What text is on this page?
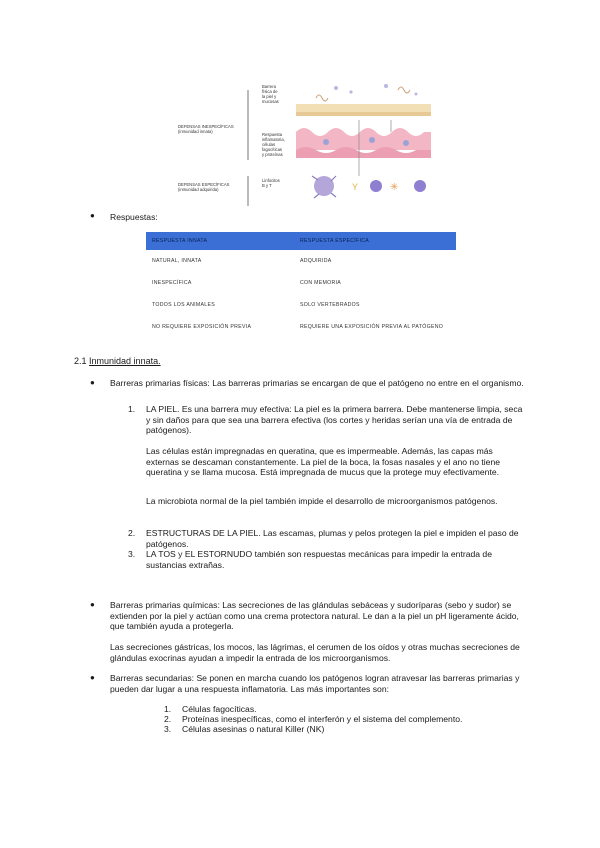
DEFENSAS INESPECÍFICAS
(inmunidad innata)
DEFENSAS ESPECÍFICAS
(inmunidad adquirida)	Y	✳
Barrera
física de
la piel y
mucosas
Respuesta
inflamatoria,
células
fagocíticas
y proteínas
Linfocitos
B y T
● Respuestas:
RESPUESTA INNATA	RESPUESTA ESPECÍFICA
NATURAL, INNATA	ADQUIRIDA
INESPECÍFICA	CON MEMORIA
TODOS LOS ANIMALES	SOLO VERTEBRADOS
NO REQUIERE EXPOSICIÓN PREVIA	REQUIERE UNA EXPOSICIÓN PREVIA AL PATÓGENO
2.1 Inmunidad innata.
● Barreras primarias físicas: Las barreras primarias se encargan de que el patógeno no entre en el organismo.
1. LA PIEL. Es una barrera muy efectiva: La piel es la primera barrera. Debe mantenerse limpia, seca y sin daños para que sea una barrera efectiva (los cortes y heridas serían una vía de entrada de patógenos).
Las células están impregnadas en queratina, que es impermeable. Además, las capas más externas se descaman constantemente. La piel de la boca, la fosas nasales y el ano no tiene queratina y se llama mucosa. Está impregnada de mucus que la protege muy efectivamente.
La microbiota normal de la piel también impide el desarrollo de microorganismos patógenos.
2. ESTRUCTURAS DE LA PIEL. Las escamas, plumas y pelos protegen la piel e impiden el paso de patógenos.
3. LA TOS y EL ESTORNUDO también son respuestas mecánicas para impedir la entrada de sustancias extrañas.
● Barreras primarias químicas: Las secreciones de las glándulas sebáceas y sudoríparas (sebo y sudor) se extienden por la piel y actúan como una crema protectora natural. Le dan a la piel un pH ligeramente ácido, que también ayuda a protegerla.
Las secreciones gástricas, los mocos, las lágrimas, el cerumen de los oídos y otras muchas secreciones de glándulas exocrinas ayudan a impedir la entrada de los microorganismos.
● Barreras secundarias: Se ponen en marcha cuando los patógenos logran atravesar las barreras primarias y pueden dar lugar a una respuesta inflamatoria. Las más importantes son:
1. Células fagocíticas.
2. Proteínas inespecíficas, como el interferón y el sistema del complemento.
3. Células asesinas o natural Killer (NK)
